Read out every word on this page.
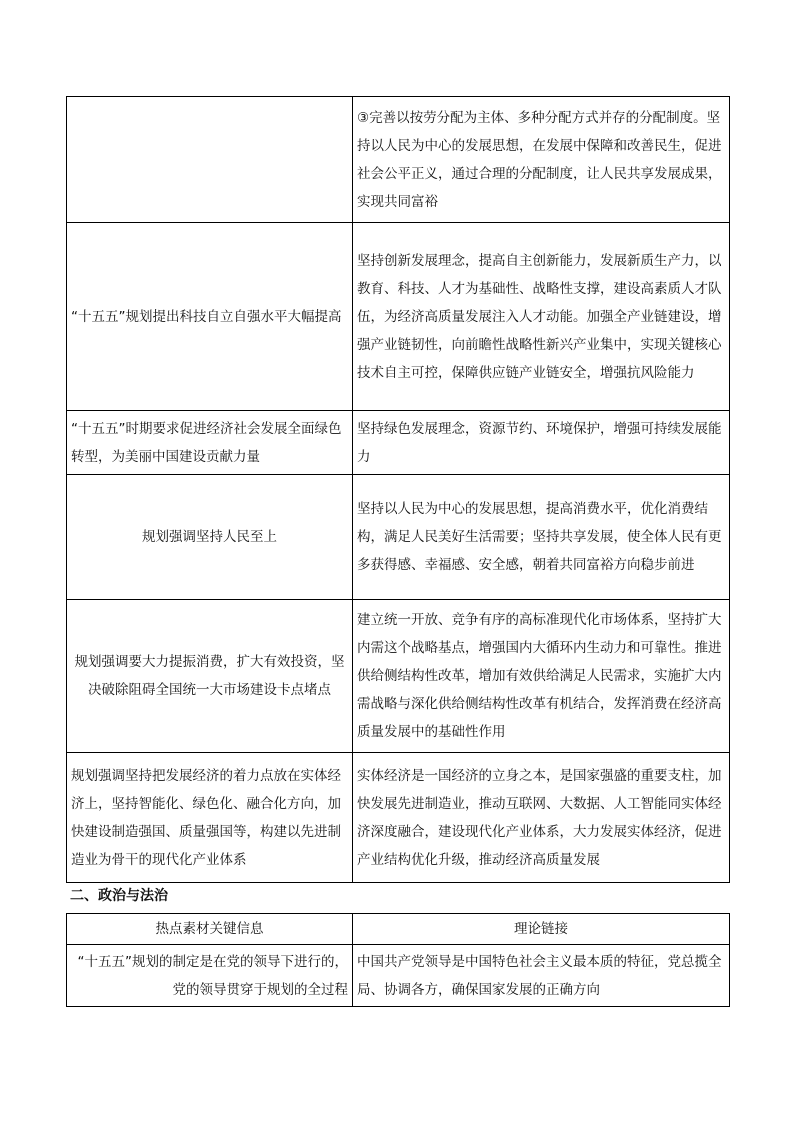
	③完善以按劳分配为主体、多种分配方式并存的分配制度。坚持以人民为中心的发展思想，在发展中保障和改善民生，促进社会公平正义，通过合理的分配制度，让人民共享发展成果，实现共同富裕
“十五五”规划提出科技自立自强水平大幅提高	坚持创新发展理念，提高自主创新能力，发展新质生产力，以教育、科技、人才为基础性、战略性支撑，建设高素质人才队伍，为经济高质量发展注入人才动能。加强全产业链建设，增强产业链韧性，向前瞻性战略性新兴产业集中，实现关键核心技术自主可控，保障供应链产业链安全，增强抗风险能力
“十五五”时期要求促进经济社会发展全面绿色转型，为美丽中国建设贡献力量	坚持绿色发展理念，资源节约、环境保护，增强可持续发展能力
规划强调坚持人民至上	坚持以人民为中心的发展思想，提高消费水平，优化消费结构，满足人民美好生活需要；坚持共享发展，使全体人民有更多获得感、幸福感、安全感，朝着共同富裕方向稳步前进
规划强调要大力提振消费，扩大有效投资，坚决破除阻碍全国统一大市场建设卡点堵点	建立统一开放、竞争有序的高标准现代化市场体系，坚持扩大内需这个战略基点，增强国内大循环内生动力和可靠性。推进供给侧结构性改革，增加有效供给满足人民需求，实施扩大内需战略与深化供给侧结构性改革有机结合，发挥消费在经济高质量发展中的基础性作用
规划强调坚持把发展经济的着力点放在实体经济上，坚持智能化、绿色化、融合化方向，加快建设制造强国、质量强国等，构建以先进制造业为骨干的现代化产业体系	实体经济是一国经济的立身之本，是国家强盛的重要支柱，加快发展先进制造业，推动互联网、大数据、人工智能同实体经济深度融合，建设现代化产业体系，大力发展实体经济，促进产业结构优化升级，推动经济高质量发展
二、政治与法治
热点素材关键信息	理论链接
“十五五”规划的制定是在党的领导下进行的，党的领导贯穿于规划的全过程	中国共产党领导是中国特色社会主义最本质的特征，党总揽全局、协调各方，确保国家发展的正确方向
